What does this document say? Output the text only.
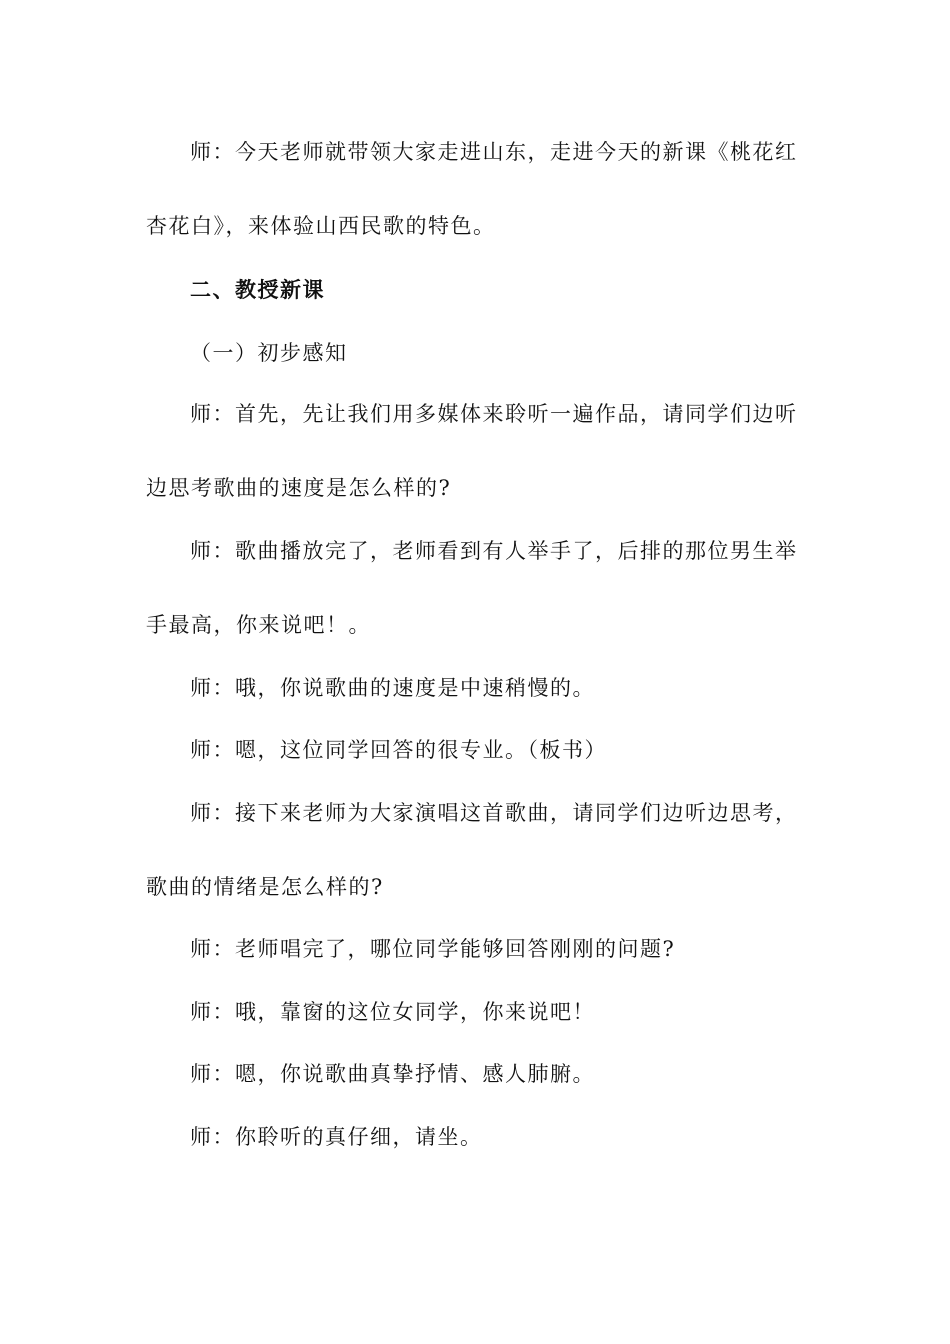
师：今天老师就带领大家走进山东，走进今天的新课《桃花红
杏花白》，来体验山西民歌的特色。
二、教授新课
（一）初步感知
师：首先，先让我们用多媒体来聆听一遍作品，请同学们边听
边思考歌曲的速度是怎么样的?
师：歌曲播放完了，老师看到有人举手了，后排的那位男生举
手最高，你来说吧！。
师：哦，你说歌曲的速度是中速稍慢的。
师：嗯，这位同学回答的很专业。（板书）
师：接下来老师为大家演唱这首歌曲，请同学们边听边思考，
歌曲的情绪是怎么样的?
师：老师唱完了，哪位同学能够回答刚刚的问题?
师：哦，靠窗的这位女同学，你来说吧！
师：嗯，你说歌曲真挚抒情、感人肺腑。
师：你聆听的真仔细，请坐。
